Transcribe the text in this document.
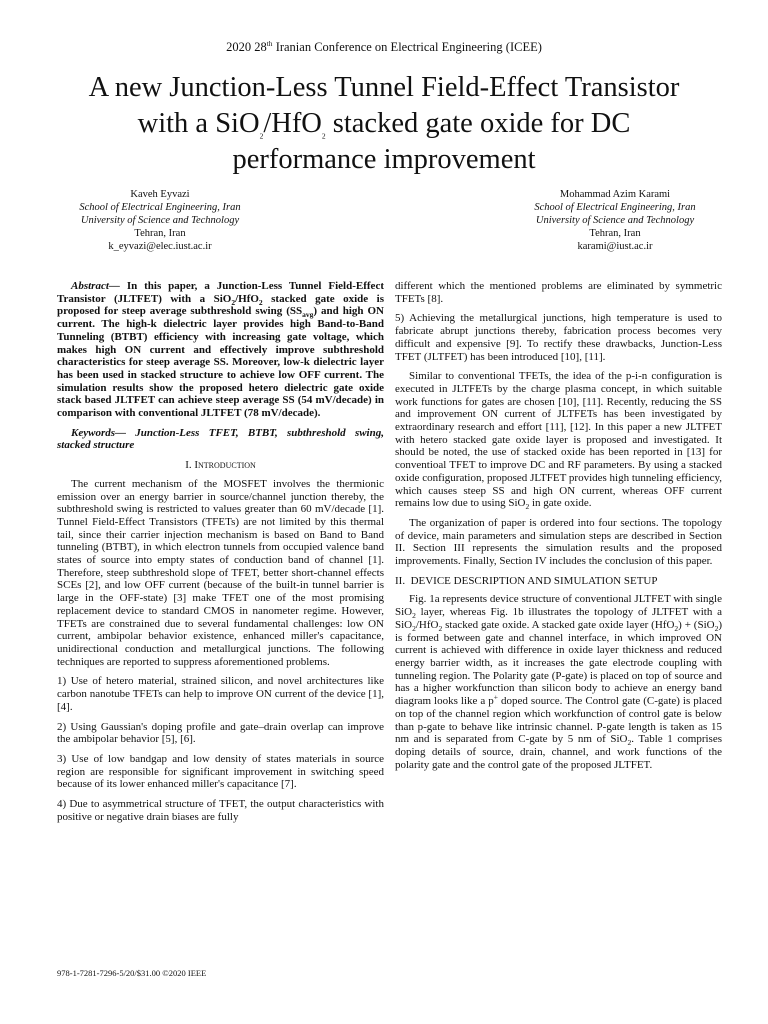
2020 28th Iranian Conference on Electrical Engineering (ICEE)
A new Junction-Less Tunnel Field-Effect Transistor
with a SiO$_2$/HfO$_2$ stacked gate oxide for DC
performance improvement
Kaveh Eyvazi
School of Electrical Engineering, Iran
University of Science and Technology
Tehran, Iran
k_eyvazi@elec.iust.ac.ir
Mohammad Azim Karami
School of Electrical Engineering, Iran
University of Science and Technology
Tehran, Iran
karami@iust.ac.ir

Abstract— In this paper, a Junction-Less Tunnel Field-Effect Transistor (JLTFET) with a SiO$_2$/HfO$_2$ stacked gate oxide is proposed for steep average subthreshold swing $(SS_{avg})$ and high ON current. The high-k dielectric layer provides high Band-to-Band Tunneling (BTBT) efficiency with increasing gate voltage, which makes high ON current and effectively improve subthreshold characteristics for steep average SS. Moreover, low-k dielectric layer has been used in stacked structure to achieve low OFF current. The simulation results show the proposed hetero dielectric gate oxide stack based JLTFET can achieve steep average SS (54 mV/decade) in comparison with conventional JLTFET (78 mV/decade).

Keywords— Junction-Less TFET, BTBT, subthreshold swing, stacked structure

I. Introduction

The current mechanism of the MOSFET involves the thermionic emission over an energy barrier in source/channel junction thereby, the subthreshold swing is restricted to values greater than 60 mV/decade [1]. Tunnel Field-Effect Transistors (TFETs) are not limited by this thermal tail, since their carrier injection mechanism is based on Band to Band tunneling (BTBT), in which electron tunnels from occupied valence band states of source into empty states of conduction band of channel [1]. Therefore, steep subthreshold slope of TFET, better short-channel effects SCEs [2], and low OFF current (because of the built-in tunnel barrier is large in the OFF-state) [3] make TFET one of the most promising replacement device to standard CMOS in nanometer regime. However, TFETs are constrained due to several fundamental challenges: low ON current, ambipolar behavior existence, enhanced miller's capacitance, unidirectional conduction and metallurgical junctions. The following techniques are reported to suppress aforementioned problems.

1) Use of hetero material, strained silicon, and novel architectures like carbon nanotube TFETs can help to improve ON current of the device [1], [4].

2) Using Gaussian's doping profile and gate–drain overlap can improve the ambipolar behavior [5], [6].

3) Use of low bandgap and low density of states materials in source region are responsible for significant improvement in switching speed because of its lower enhanced miller's capacitance [7].

4) Due to asymmetrical structure of TFET, the output characteristics with positive or negative drain biases are fully

different which the mentioned problems are eliminated by symmetric TFETs [8].

5) Achieving the metallurgical junctions, high temperature is used to fabricate abrupt junctions thereby, fabrication process becomes very difficult and expensive [9]. To rectify these drawbacks, Junction-Less TFET (JLTFET) has been introduced [10], [11].

Similar to conventional TFETs, the idea of the p-i-n configuration is executed in JLTFETs by the charge plasma concept, in which suitable work functions for gates are chosen [10], [11]. Recently, reducing the SS and improvement ON current of JLTFETs has been investigated by extraordinary research and effort [11], [12]. In this paper a new JLTFET with hetero stacked gate oxide layer is proposed and investigated. It should be noted, the use of stacked oxide has been reported in [13] for conventioal TFET to improve DC and RF parameters. By using a stacked oxide configuration, proposed JLTFET provides high tunneling efficiency, which causes steep SS and high ON current, whereas OFF current remains low due to using SiO$_2$ in gate oxide.

The organization of paper is ordered into four sections. The topology of device, main parameters and simulation steps are described in Section II. Section III represents the simulation results and the proposed improvements. Finally, Section IV includes the conclusion of this paper.

II. DEVICE DESCRIPTION AND SIMULATION SETUP

Fig. 1a represents device structure of conventional JLTFET with single SiO$_2$ layer, whereas Fig. 1b illustrates the topology of JLTFET with a SiO$_2$/HfO$_2$ stacked gate oxide. A stacked gate oxide layer (HfO$_2$) + (SiO$_2$) is formed between gate and channel interface, in which improved ON current is achieved with difference in oxide layer thickness and reduced energy barrier width, as it increases the gate electrode coupling with tunneling region. The Polarity gate (P-gate) is placed on top of source and has a higher workfunction than silicon body to achieve an energy band diagram looks like a p+ doped source. The Control gate (C-gate) is placed on top of the channel region which workfunction of control gate is below than p-gate to behave like intrinsic channel. P-gate length is taken as 15 nm and is separated from C-gate by 5 nm of SiO$_2$. Table 1 comprises doping details of source, drain, channel, and work functions of the polarity gate and the control gate of the proposed JLTFET.

978-1-7281-7296-5/20/$31.00 ©2020 IEEE
